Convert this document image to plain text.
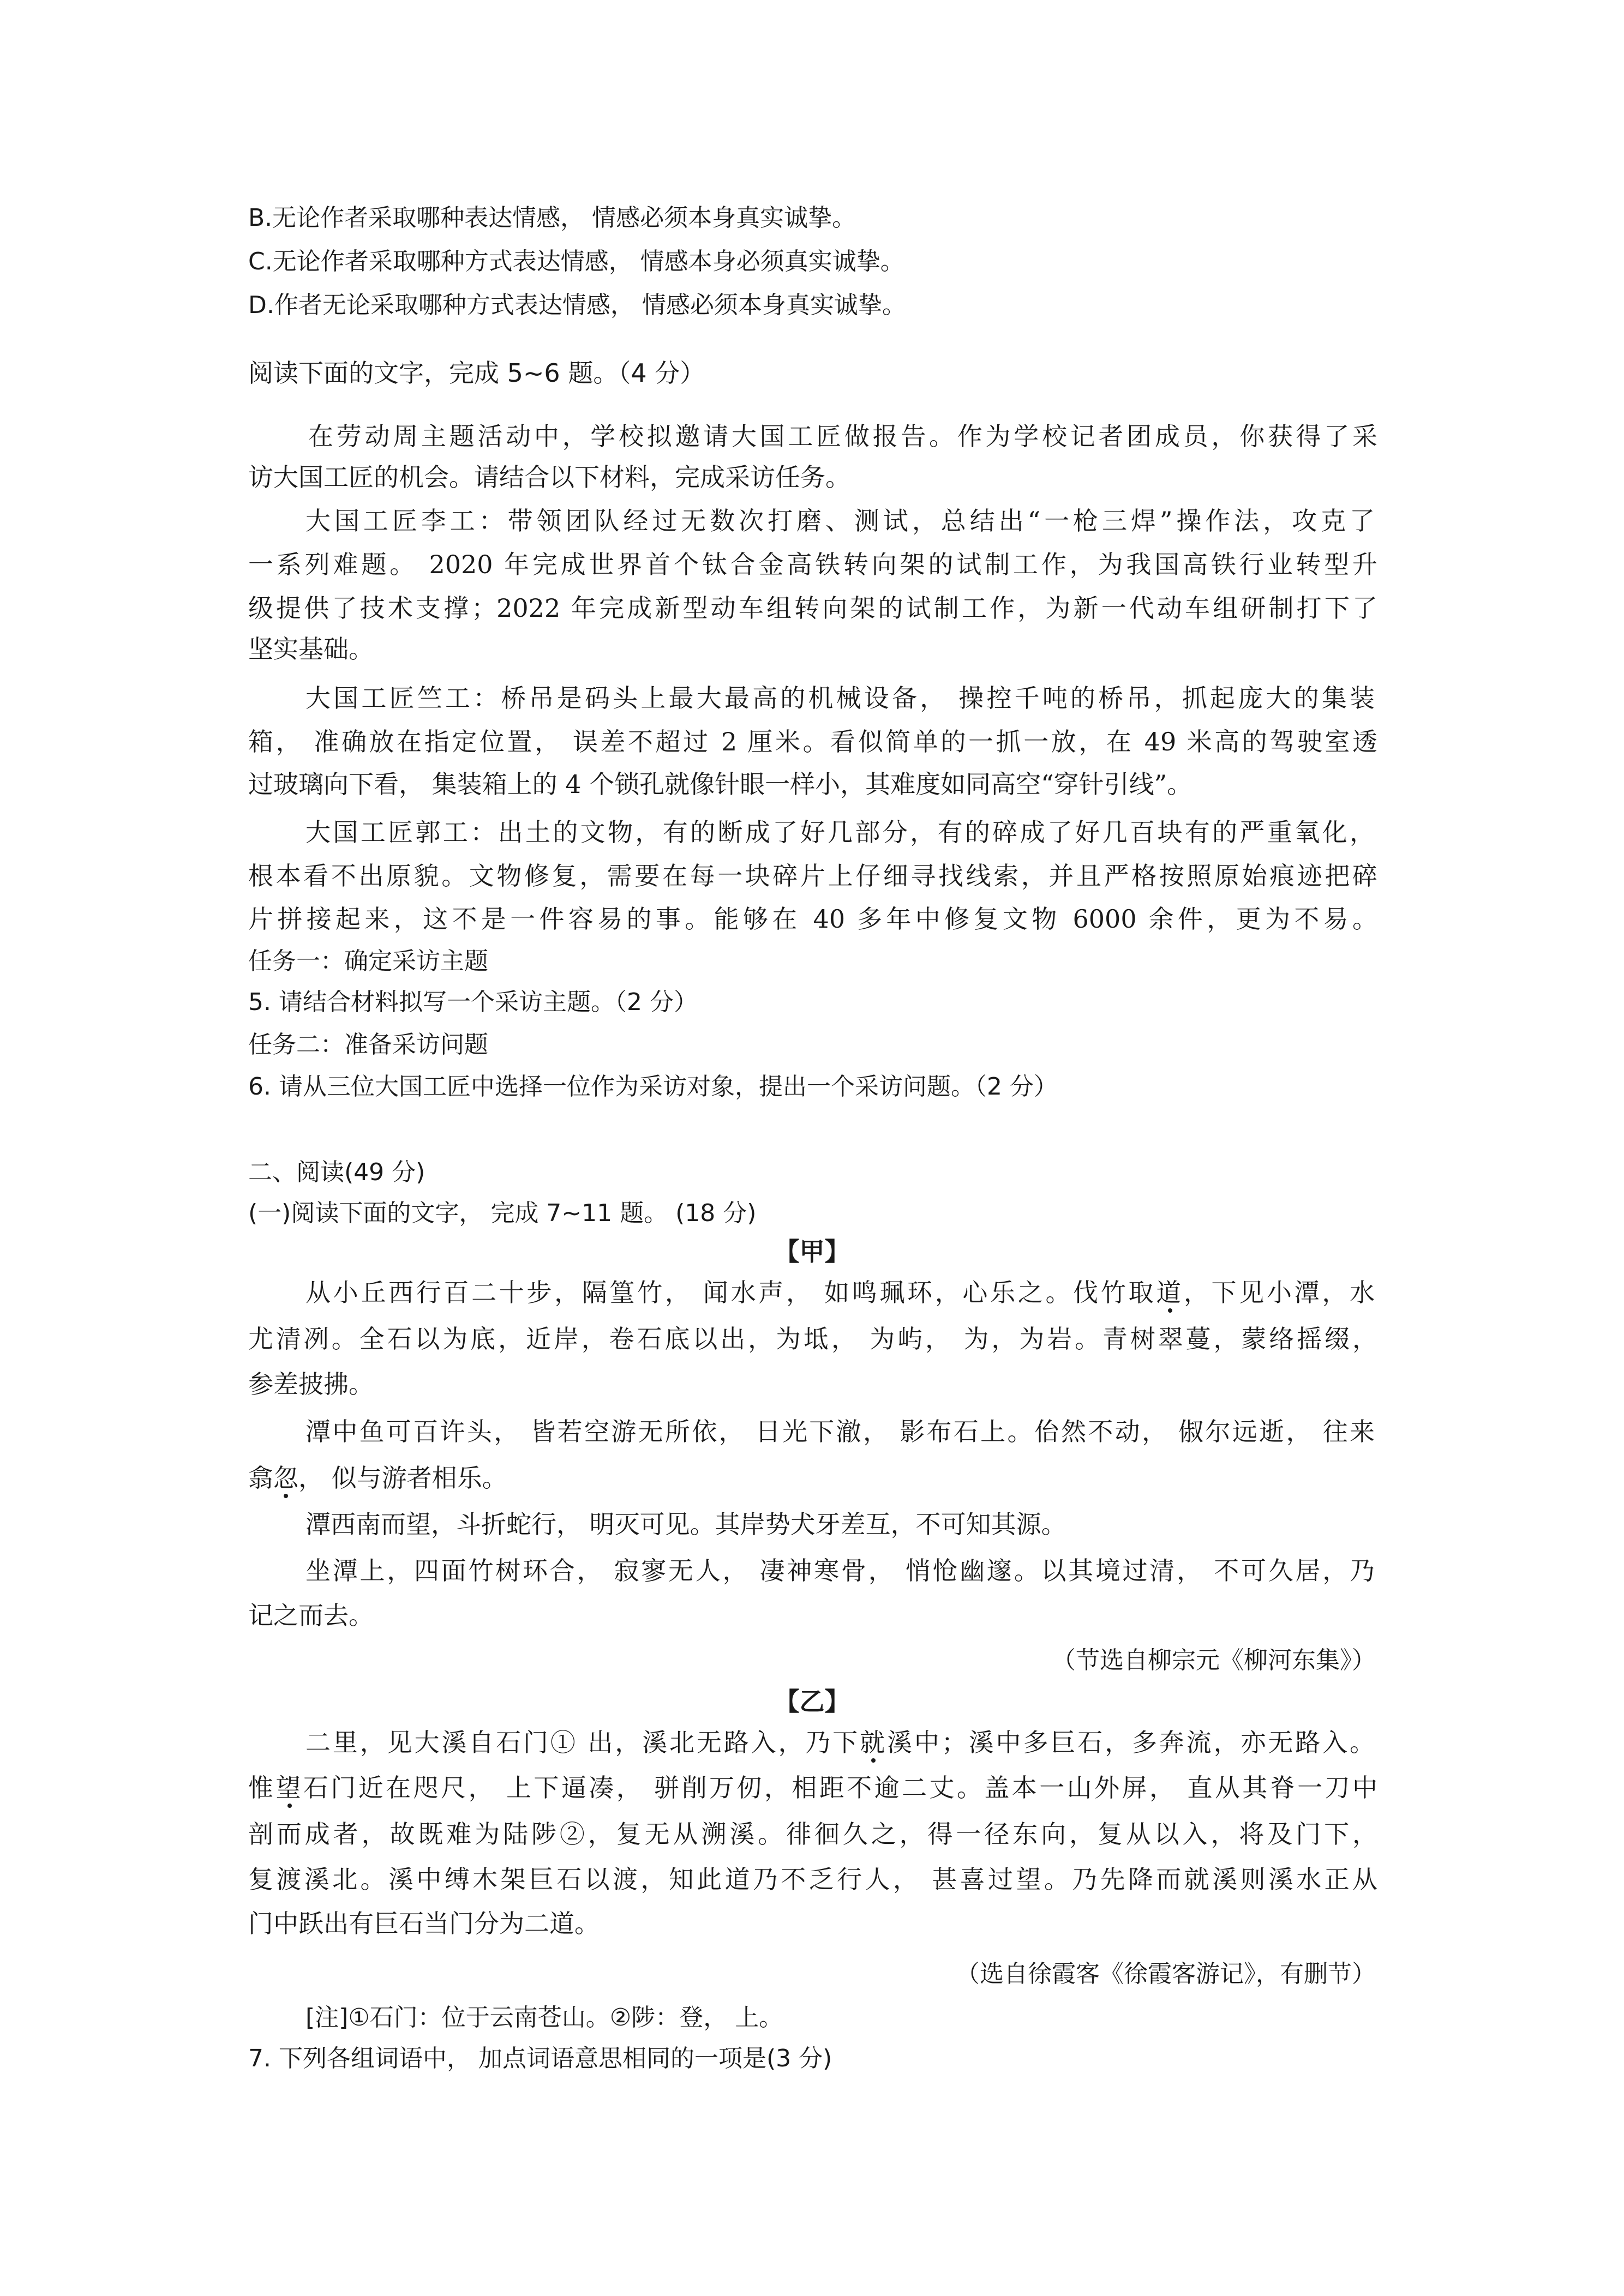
B.无论作者采取哪种表达情感， 情感必须本身真实诚挚。
C.无论作者采取哪种方式表达情感， 情感本身必须真实诚挚。
D.作者无论采取哪种方式表达情感， 情感必须本身真实诚挚。
阅读下面的文字，完成 5~6 题。（4 分）
在劳动周主题活动中，学校拟邀请大国工匠做报告。作为学校记者团成员，你获得了采
访大国工匠的机会。请结合以下材料，完成采访任务。
大国工匠李工：带领团队经过无数次打磨、测试，总结出“一枪三焊”操作法，攻克了
一系列难题。 2020 年完成世界首个钛合金高铁转向架的试制工作，为我国高铁行业转型升
级提供了技术支撑；2022 年完成新型动车组转向架的试制工作，为新一代动车组研制打下了
坚实基础。
大国工匠竺工：桥吊是码头上最大最高的机械设备， 操控千吨的桥吊，抓起庞大的集装
箱， 准确放在指定位置， 误差不超过 2 厘米。看似简单的一抓一放，在 49 米高的驾驶室透
过玻璃向下看， 集装箱上的 4 个锁孔就像针眼一样小，其难度如同高空“穿针引线”。
大国工匠郭工：出土的文物，有的断成了好几部分，有的碎成了好几百块有的严重氧化，
根本看不出原貌。文物修复，需要在每一块碎片上仔细寻找线索，并且严格按照原始痕迹把碎
片拼接起来，这不是一件容易的事。能够在 40 多年中修复文物 6000 余件，更为不易。
任务一：确定采访主题
5. 请结合材料拟写一个采访主题。（2 分）
任务二：准备采访问题
6. 请从三位大国工匠中选择一位作为采访对象，提出一个采访问题。（2 分）
二、阅读(49 分)
(一)阅读下面的文字， 完成 7~11 题。 (18 分)
【甲】
从小丘西行百二十步，隔篁竹， 闻水声， 如鸣珮环，心乐之。伐竹取道，下见小潭，水
尤清冽。全石以为底，近岸，卷石底以出，为坻， 为屿， 为，为岩。青树翠蔓，蒙络摇缀，
参差披拂。
潭中鱼可百许头， 皆若空游无所依， 日光下澈， 影布石上。佁然不动， 俶尔远逝， 往来
翕忽， 似与游者相乐。
潭西南而望，斗折蛇行， 明灭可见。其岸势犬牙差互，不可知其源。
坐潭上，四面竹树环合， 寂寥无人， 凄神寒骨， 悄怆幽邃。以其境过清， 不可久居，乃
记之而去。
（节选自柳宗元《柳河东集》）
【乙】
二里，见大溪自石门① 出，溪北无路入，乃下就溪中；溪中多巨石，多奔流，亦无路入。
惟望石门近在咫尺， 上下逼凑， 骈削万仞，相距不逾二丈。盖本一山外屏， 直从其脊一刀中
剖而成者，故既难为陆陟②，复无从溯溪。徘徊久之，得一径东向，复从以入，将及门下，
复渡溪北。溪中缚木架巨石以渡，知此道乃不乏行人， 甚喜过望。乃先降而就溪则溪水正从
门中跃出有巨石当门分为二道。
（选自徐霞客《徐霞客游记》，有删节）
[注]①石门：位于云南苍山。②陟：登， 上。
7. 下列各组词语中， 加点词语意思相同的一项是(3 分)
